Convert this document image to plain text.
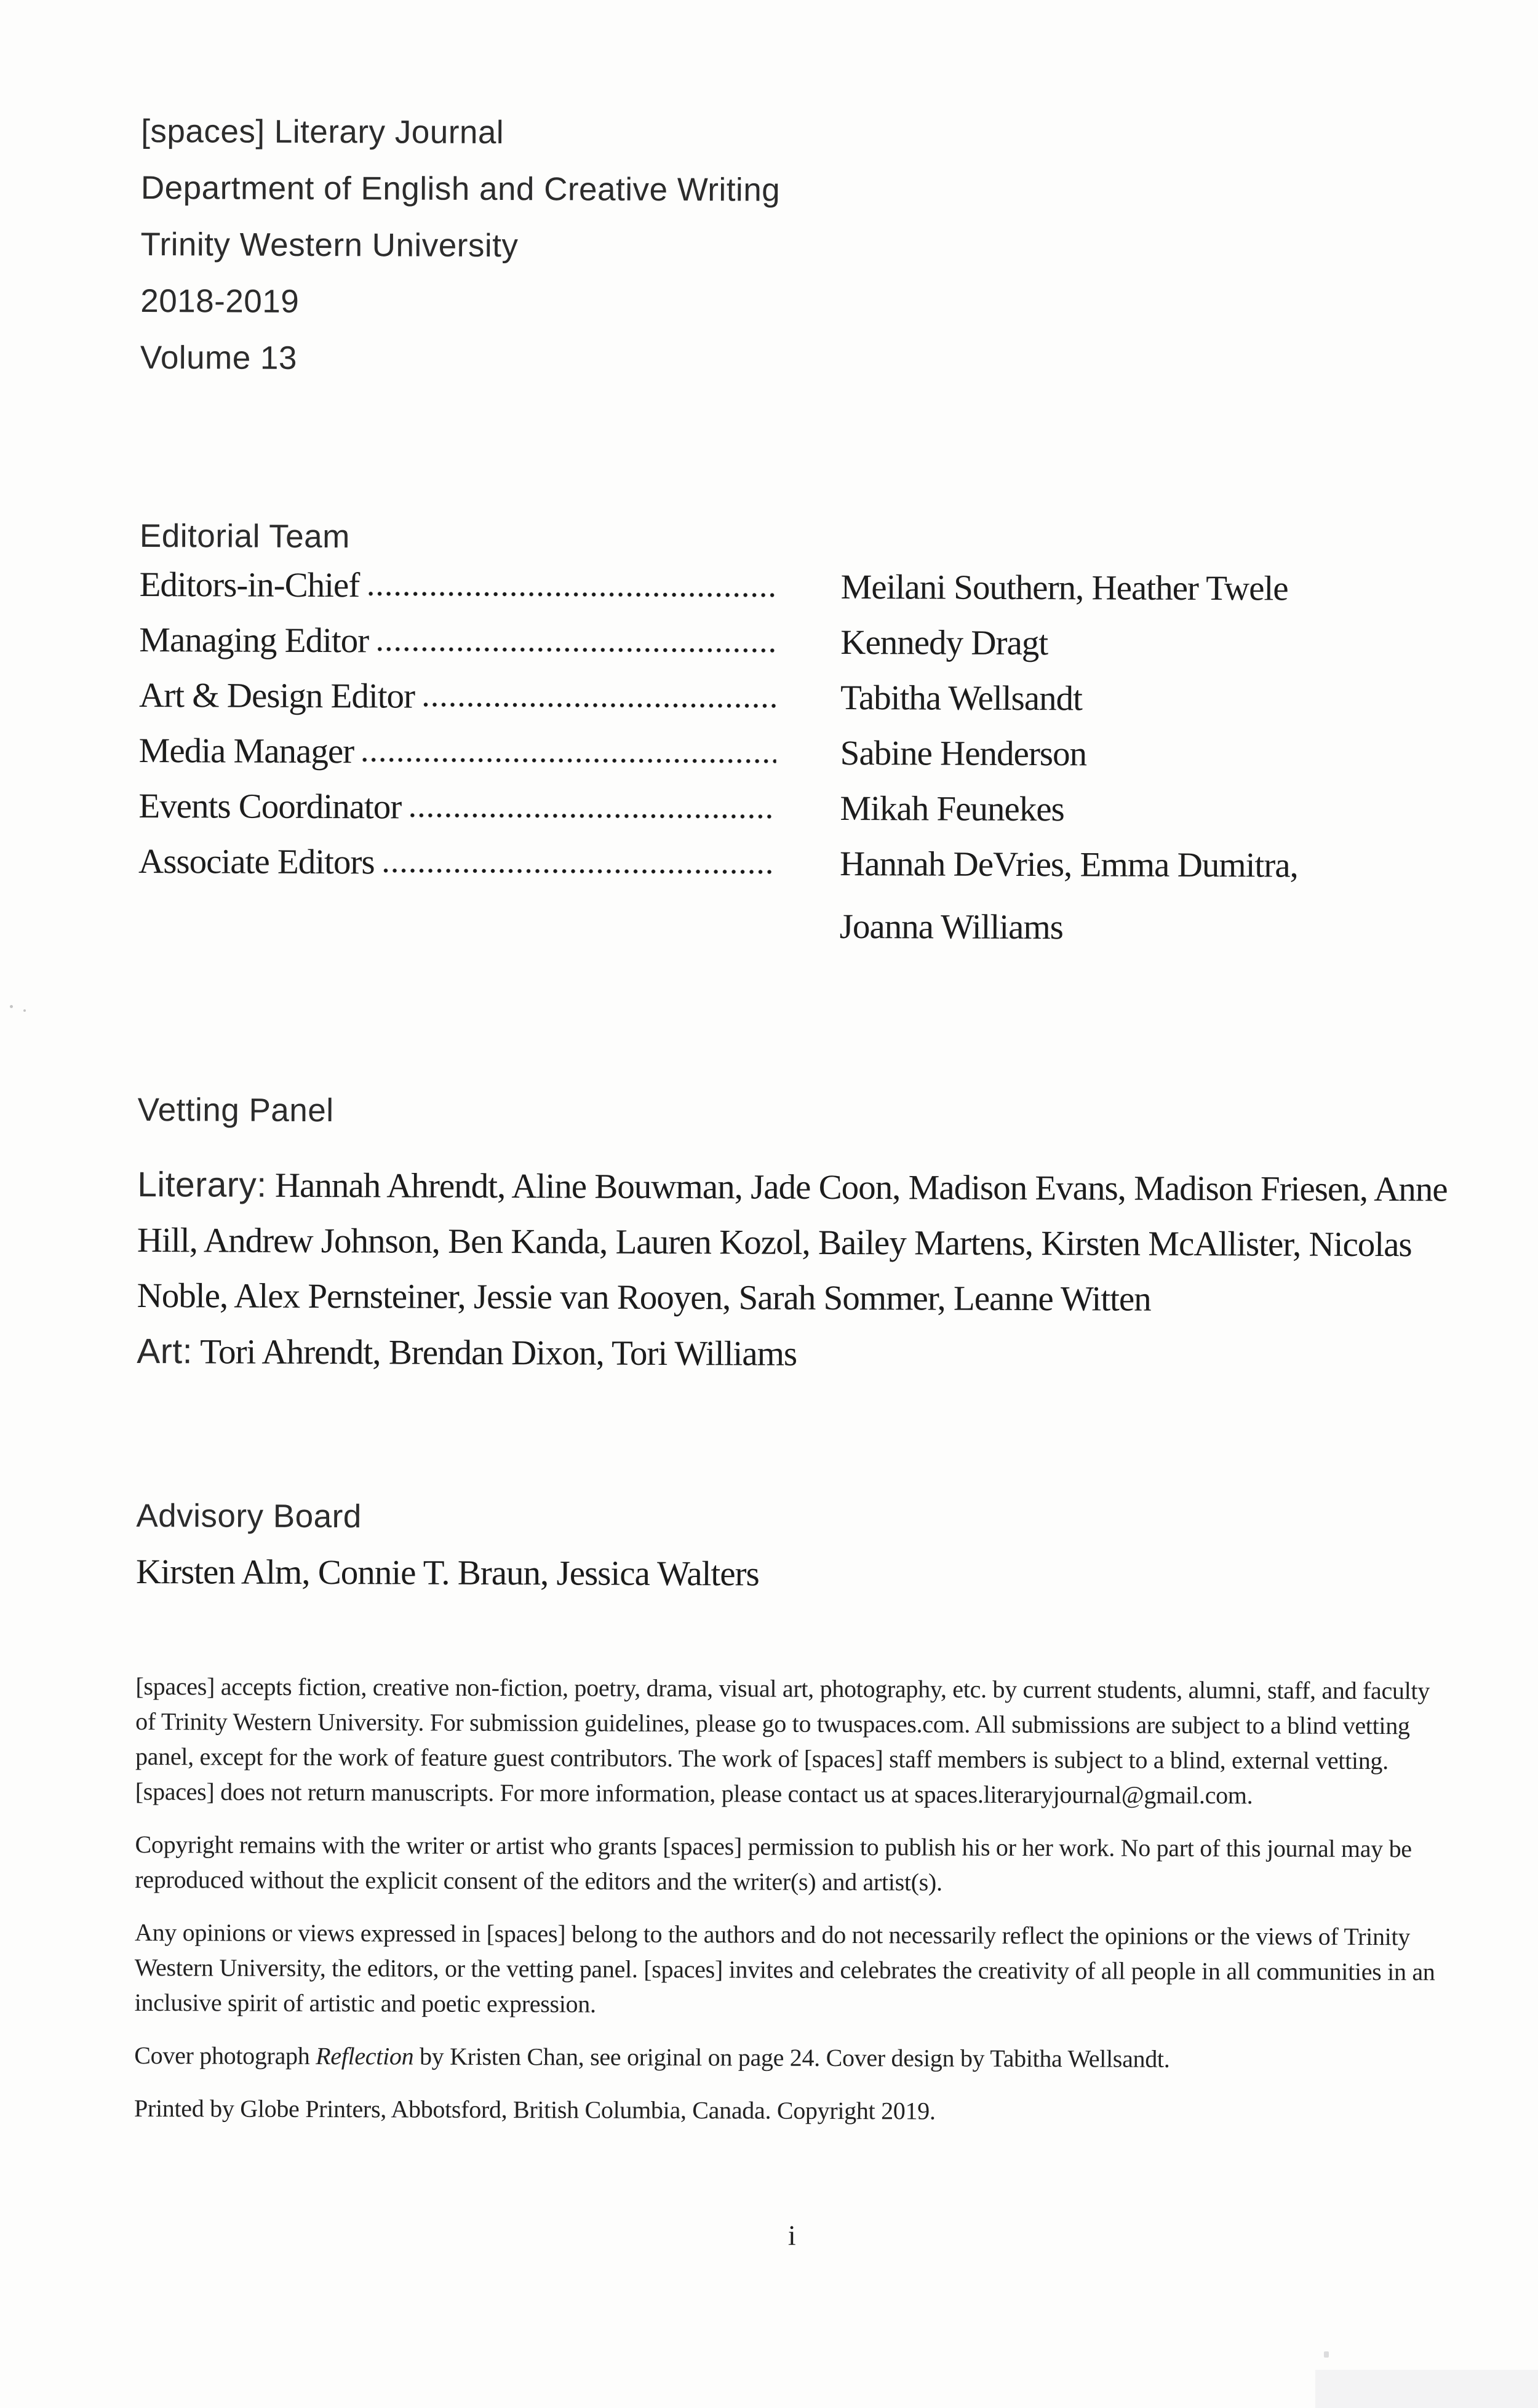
[spaces] Literary Journal
Department of English and Creative Writing
Trinity Western University
2018-2019
Volume 13
Editorial Team
Editors-in-Chief	Meilani Southern, Heather Twele
Managing Editor	Kennedy Dragt
Art & Design Editor	Tabitha Wellsandt
Media Manager	Sabine Henderson
Events Coordinator	Mikah Feunekes
Associate Editors	Hannah DeVries, Emma Dumitra,
Joanna Williams
Vetting Panel
Literary: Hannah Ahrendt, Aline Bouwman, Jade Coon, Madison Evans, Madison Friesen, Anne Hill, Andrew Johnson, Ben Kanda, Lauren Kozol, Bailey Martens, Kirsten McAllister, Nicolas Noble, Alex Pernsteiner, Jessie van Rooyen, Sarah Sommer, Leanne Witten
Art: Tori Ahrendt, Brendan Dixon, Tori Williams
Advisory Board
Kirsten Alm, Connie T. Braun, Jessica Walters
[spaces] accepts fiction, creative non-fiction, poetry, drama, visual art, photography, etc. by current students, alumni, staff, and faculty of Trinity Western University. For submission guidelines, please go to twuspaces.com. All submissions are subject to a blind vetting panel, except for the work of feature guest contributors. The work of [spaces] staff members is subject to a blind, external vetting. [spaces] does not return manuscripts. For more information, please contact us at spaces.literaryjournal@gmail.com.
Copyright remains with the writer or artist who grants [spaces] permission to publish his or her work. No part of this journal may be reproduced without the explicit consent of the editors and the writer(s) and artist(s).
Any opinions or views expressed in [spaces] belong to the authors and do not necessarily reflect the opinions or the views of Trinity Western University, the editors, or the vetting panel. [spaces] invites and celebrates the creativity of all people in all communities in an inclusive spirit of artistic and poetic expression.
Cover photograph Reflection by Kristen Chan, see original on page 24. Cover design by Tabitha Wellsandt.
Printed by Globe Printers, Abbotsford, British Columbia, Canada. Copyright 2019.
i
